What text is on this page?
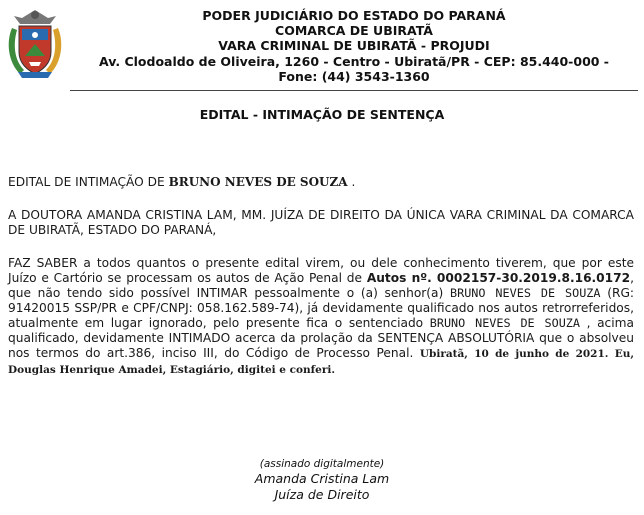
PODER JUDICIÁRIO DO ESTADO DO PARANÁ
COMARCA DE UBIRATÃ
VARA CRIMINAL DE UBIRATÃ - PROJUDI
Av. Clodoaldo de Oliveira, 1260 - Centro - Ubiratã/PR - CEP: 85.440-000 -
Fone: (44) 3543-1360
EDITAL - INTIMAÇÃO DE SENTENÇA
EDITAL DE INTIMAÇÃO DE BRUNO NEVES DE SOUZA .
A DOUTORA AMANDA CRISTINA LAM, MM. JUÍZA DE DIREITO DA ÚNICA VARA CRIMINAL DA COMARCA DE UBIRATÃ, ESTADO DO PARANÁ,
FAZ SABER a todos quantos o presente edital virem, ou dele conhecimento tiverem, que por este Juízo e Cartório se processam os autos de Ação Penal de Autos nº. 0002157-30.2019.8.16.0172, que não tendo sido possível INTIMAR pessoalmente o (a) senhor(a) BRUNO NEVES DE SOUZA (RG: 91420015 SSP/PR e CPF/CNPJ: 058.162.589-74), já devidamente qualificado nos autos retrorreferidos, atualmente em lugar ignorado, pelo presente fica o sentenciado BRUNO NEVES DE SOUZA , acima qualificado, devidamente INTIMADO acerca da prolação da SENTENÇA ABSOLUTÓRIA que o absolveu nos termos do art.386, inciso III, do Código de Processo Penal. Ubiratã, 10 de junho de 2021. Eu, Douglas Henrique Amadei, Estagiário, digitei e conferi.
(assinado digitalmente)
Amanda Cristina Lam
Juíza de Direito
